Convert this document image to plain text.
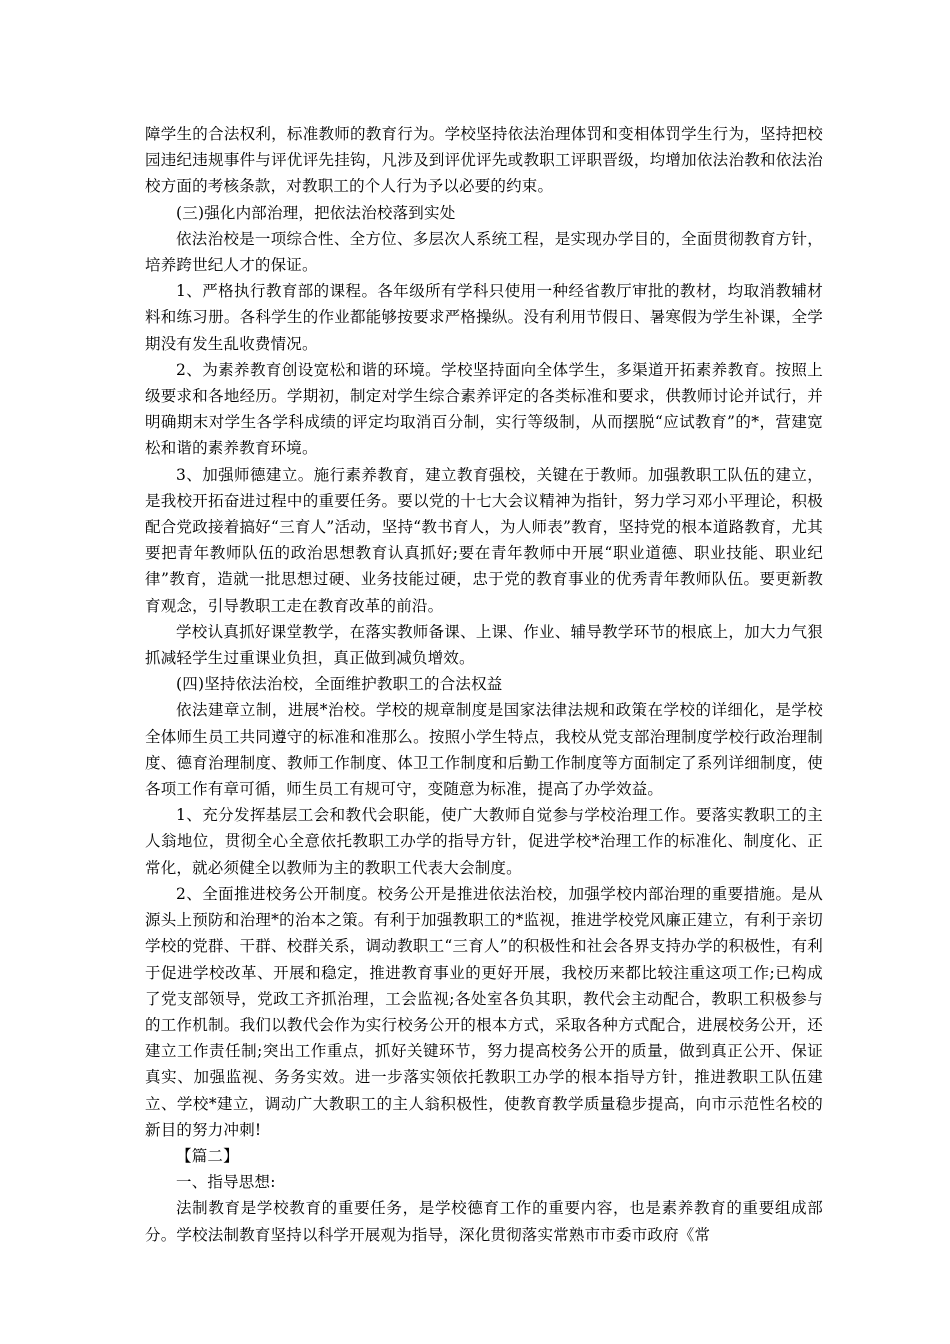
障学生的合法权利，标准教师的教育行为。学校坚持依法治理体罚和变相体罚学生行为，坚持把校园违纪违规事件与评优评先挂钩，凡涉及到评优评先或教职工评职晋级，均增加依法治教和依法治校方面的考核条款，对教职工的个人行为予以必要的约束。

(三)强化内部治理，把依法治校落到实处

依法治校是一项综合性、全方位、多层次人系统工程，是实现办学目的，全面贯彻教育方针，培养跨世纪人才的保证。

1、严格执行教育部的课程。各年级所有学科只使用一种经省教厅审批的教材，均取消教辅材料和练习册。各科学生的作业都能够按要求严格操纵。没有利用节假日、暑寒假为学生补课，全学期没有发生乱收费情况。

2、为素养教育创设宽松和谐的环境。学校坚持面向全体学生，多渠道开拓素养教育。按照上级要求和各地经历。学期初，制定对学生综合素养评定的各类标准和要求，供教师讨论并试行，并明确期末对学生各学科成绩的评定均取消百分制，实行等级制，从而摆脱“应试教育”的*，营建宽松和谐的素养教育环境。

3、加强师德建立。施行素养教育，建立教育强校，关键在于教师。加强教职工队伍的建立，是我校开拓奋进过程中的重要任务。要以党的十七大会议精神为指针，努力学习邓小平理论，积极配合党政接着搞好“三育人”活动，坚持“教书育人，为人师表”教育，坚持党的根本道路教育，尤其要把青年教师队伍的政治思想教育认真抓好;要在青年教师中开展“职业道德、职业技能、职业纪律”教育，造就一批思想过硬、业务技能过硬，忠于党的教育事业的优秀青年教师队伍。要更新教育观念，引导教职工走在教育改革的前沿。

学校认真抓好课堂教学，在落实教师备课、上课、作业、辅导教学环节的根底上，加大力气狠抓减轻学生过重课业负担，真正做到减负增效。

(四)坚持依法治校，全面维护教职工的合法权益

依法建章立制，进展*治校。学校的规章制度是国家法律法规和政策在学校的详细化，是学校全体师生员工共同遵守的标准和准那么。按照小学生特点，我校从党支部治理制度学校行政治理制度、德育治理制度、教师工作制度、体卫工作制度和后勤工作制度等方面制定了系列详细制度，使各项工作有章可循，师生员工有规可守，变随意为标准，提高了办学效益。

1、充分发挥基层工会和教代会职能，使广大教师自觉参与学校治理工作。要落实教职工的主人翁地位，贯彻全心全意依托教职工办学的指导方针，促进学校*治理工作的标准化、制度化、正常化，就必须健全以教师为主的教职工代表大会制度。

2、全面推进校务公开制度。校务公开是推进依法治校，加强学校内部治理的重要措施。是从源头上预防和治理*的治本之策。有利于加强教职工的*监视，推进学校党风廉正建立，有利于亲切学校的党群、干群、校群关系，调动教职工“三育人”的积极性和社会各界支持办学的积极性，有利于促进学校改革、开展和稳定，推进教育事业的更好开展，我校历来都比较注重这项工作;已构成了党支部领导，党政工齐抓治理，工会监视;各处室各负其职，教代会主动配合，教职工积极参与的工作机制。我们以教代会作为实行校务公开的根本方式，采取各种方式配合，进展校务公开，还建立工作责任制;突出工作重点，抓好关键环节，努力提高校务公开的质量，做到真正公开、保证真实、加强监视、务务实效。进一步落实领依托教职工办学的根本指导方针，推进教职工队伍建立、学校*建立，调动广大教职工的主人翁积极性，使教育教学质量稳步提高，向市示范性名校的新目的努力冲刺!

【篇二】

一、指导思想:

法制教育是学校教育的重要任务，是学校德育工作的重要内容，也是素养教育的重要组成部分。学校法制教育坚持以科学开展观为指导，深化贯彻落实常熟市市委市政府《常
